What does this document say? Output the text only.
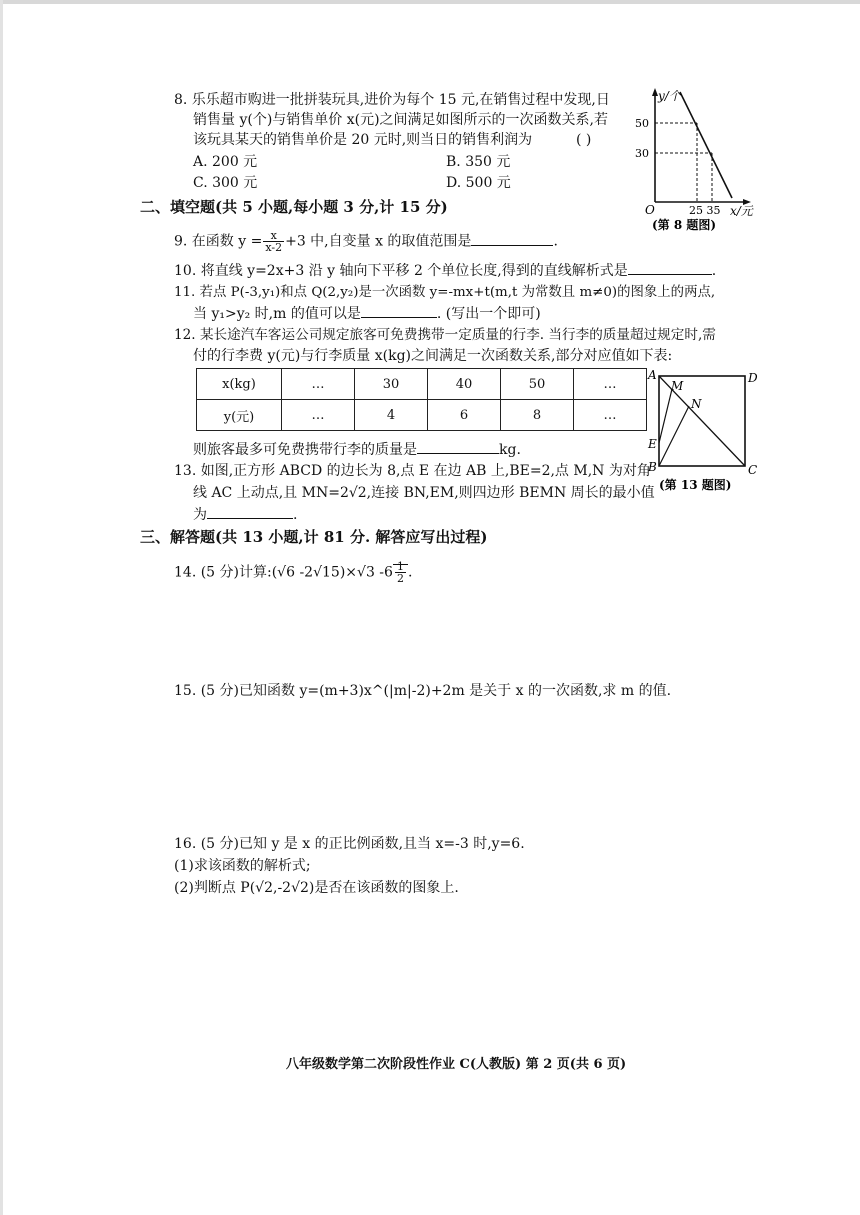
8. 乐乐超市购进一批拼装玩具,进价为每个 15 元,在销售过程中发现,日
销售量 y(个)与销售单价 x(元)之间满足如图所示的一次函数关系,若
该玩具某天的销售单价是 20 元时,则当日的销售利润为	( )
A. 200 元	B. 350 元
C. 300 元	D. 500 元
y/个
x/元
O
50
30
25 35
(第 8 题图)
二、填空题(共 5 小题,每小题 3 分,计 15 分)
9. 在函数 $y = \frac{x}{x-2} +3$ 中,自变量 x 的取值范围是	.
10. 将直线 y=2x+3 沿 y 轴向下平移 2 个单位长度,得到的直线解析式是	.
11. 若点 P(-3,y₁)和点 Q(2,y₂)是一次函数 y=-mx+t(m,t 为常数且 m≠0)的图象上的两点,
当 y₁>y₂ 时,m 的值可以是	. (写出一个即可)
12. 某长途汽车客运公司规定旅客可免费携带一定质量的行李. 当行李的质量超过规定时,需
付的行李费 y(元)与行李质量 x(kg)之间满足一次函数关系,部分对应值如下表:
x(kg)	…	30	40	50	…
y(元)	…	4	6	8	…
则旅客最多可免费携带行李的质量是	kg.
A	D
B	C
M
N
E
(第 13 题图)
13. 如图,正方形 ABCD 的边长为 8,点 E 在边 AB 上,BE=2,点 M,N 为对角
线 AC 上动点,且 MN=2√2,连接 BN,EM,则四边形 BEMN 周长的最小值
为	.
三、解答题(共 13 小题,计 81 分. 解答应写出过程)
14. (5 分)计算:(√6 -2√15)×√3 $-6 \frac{1}{2}$ .
15. (5 分)已知函数 y=(m+3)x^(|m|-2)+2m 是关于 x 的一次函数,求 m 的值.
16. (5 分)已知 y 是 x 的正比例函数,且当 x=-3 时,y=6.
(1)求该函数的解析式;
(2)判断点 P(√2,-2√2)是否在该函数的图象上.
八年级数学第二次阶段性作业 C(人教版) 第 2 页(共 6 页)
